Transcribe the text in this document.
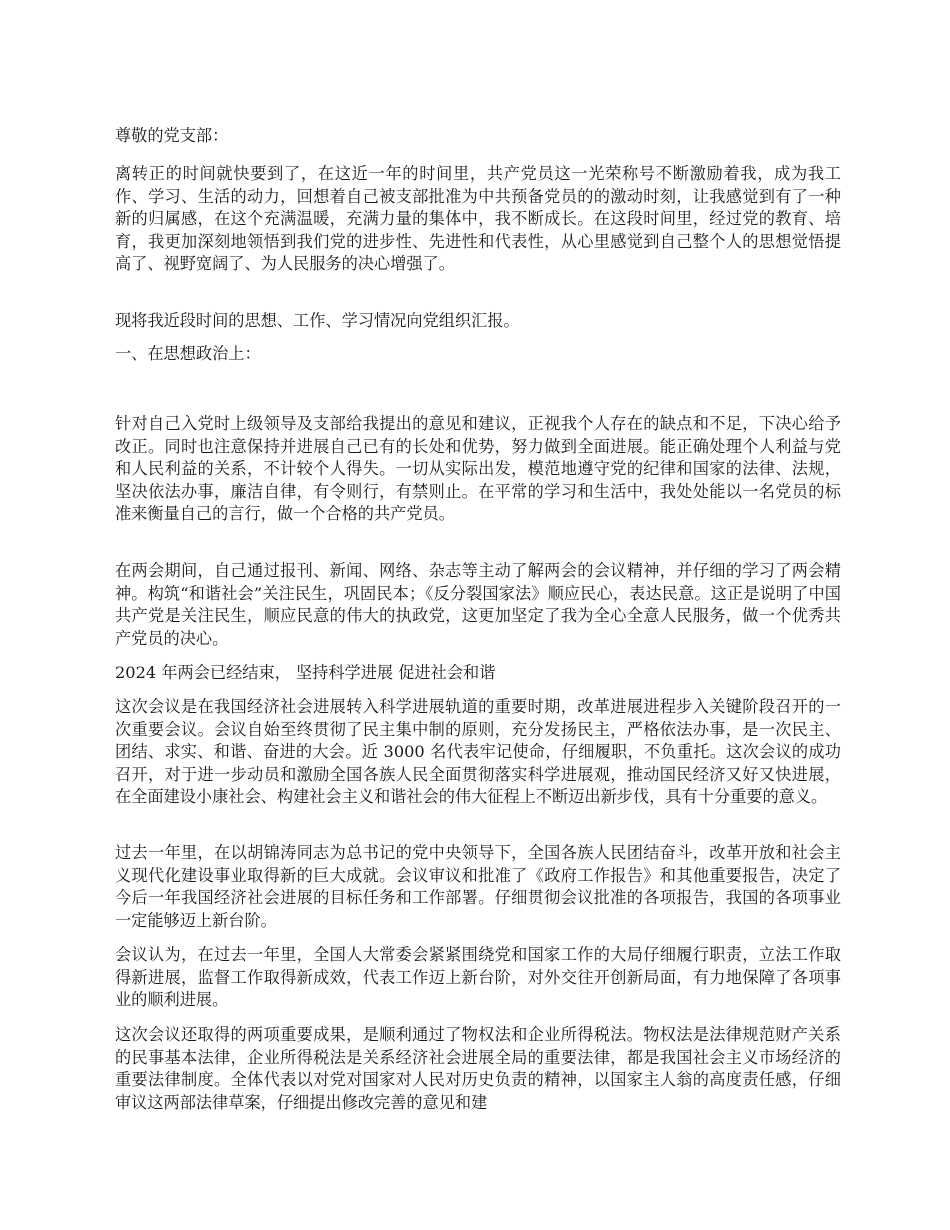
尊敬的党支部：

离转正的时间就快要到了，在这近一年的时间里，共产党员这一光荣称号不断激励着我，成为我工作、学习、生活的动力，回想着自己被支部批准为中共预备党员的的激动时刻，让我感觉到有了一种新的归属感，在这个充满温暖，充满力量的集体中，我不断成长。在这段时间里，经过党的教育、培育，我更加深刻地领悟到我们党的进步性、先进性和代表性，从心里感觉到自己整个人的思想觉悟提高了、视野宽阔了、为人民服务的决心增强了。

现将我近段时间的思想、工作、学习情况向党组织汇报。

一、在思想政治上：

针对自己入党时上级领导及支部给我提出的意见和建议，正视我个人存在的缺点和不足，下决心给予改正。同时也注意保持并进展自己已有的长处和优势，努力做到全面进展。能正确处理个人利益与党和人民利益的关系，不计较个人得失。一切从实际出发，模范地遵守党的纪律和国家的法律、法规，坚决依法办事，廉洁自律，有令则行，有禁则止。在平常的学习和生活中，我处处能以一名党员的标准来衡量自己的言行，做一个合格的共产党员。

在两会期间，自己通过报刊、新闻、网络、杂志等主动了解两会的会议精神，并仔细的学习了两会精神。构筑“和谐社会”关注民生，巩固民本；《反分裂国家法》顺应民心，表达民意。这正是说明了中国共产党是关注民生，顺应民意的伟大的执政党，这更加坚定了我为全心全意人民服务，做一个优秀共产党员的决心。

2024 年两会已经结束， 坚持科学进展 促进社会和谐

这次会议是在我国经济社会进展转入科学进展轨道的重要时期，改革进展进程步入关键阶段召开的一次重要会议。会议自始至终贯彻了民主集中制的原则，充分发扬民主，严格依法办事，是一次民主、团结、求实、和谐、奋进的大会。近 3000 名代表牢记使命，仔细履职，不负重托。这次会议的成功召开，对于进一步动员和激励全国各族人民全面贯彻落实科学进展观，推动国民经济又好又快进展，在全面建设小康社会、构建社会主义和谐社会的伟大征程上不断迈出新步伐，具有十分重要的意义。

过去一年里，在以胡锦涛同志为总书记的党中央领导下，全国各族人民团结奋斗，改革开放和社会主义现代化建设事业取得新的巨大成就。会议审议和批准了《政府工作报告》和其他重要报告，决定了今后一年我国经济社会进展的目标任务和工作部署。仔细贯彻会议批准的各项报告，我国的各项事业一定能够迈上新台阶。

会议认为，在过去一年里，全国人大常委会紧紧围绕党和国家工作的大局仔细履行职责，立法工作取得新进展，监督工作取得新成效，代表工作迈上新台阶，对外交往开创新局面，有力地保障了各项事业的顺利进展。

这次会议还取得的两项重要成果，是顺利通过了物权法和企业所得税法。物权法是法律规范财产关系的民事基本法律，企业所得税法是关系经济社会进展全局的重要法律，都是我国社会主义市场经济的重要法律制度。全体代表以对党对国家对人民对历史负责的精神，以国家主人翁的高度责任感，仔细审议这两部法律草案，仔细提出修改完善的意见和建
